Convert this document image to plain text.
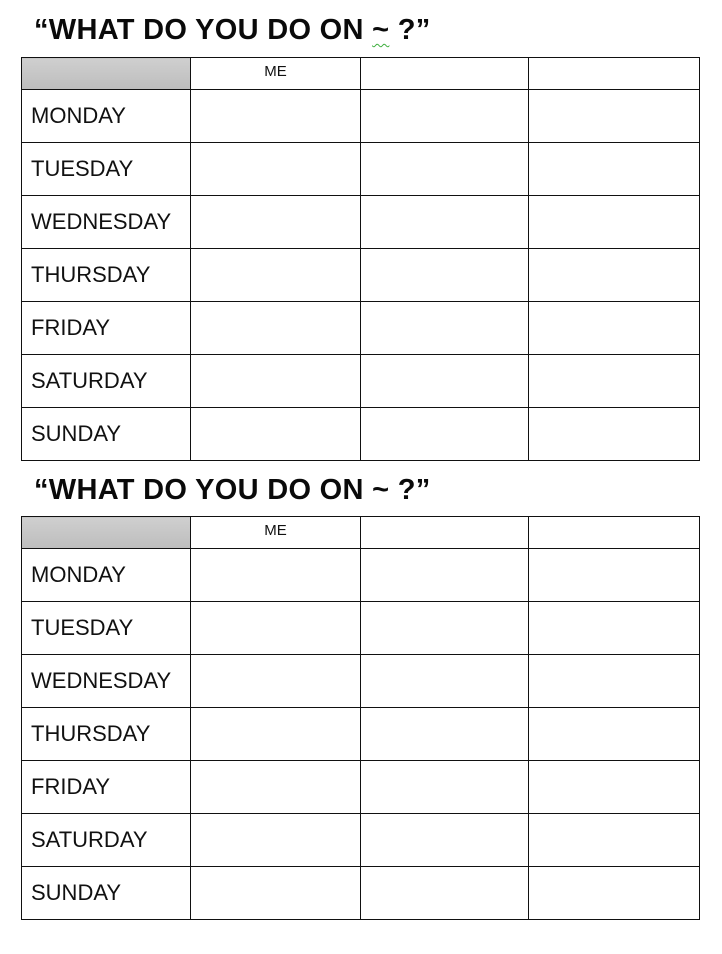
“WHAT DO YOU DO ON ~ ?”
	ME		
MONDAY			
TUESDAY			
WEDNESDAY			
THURSDAY			
FRIDAY			
SATURDAY			
SUNDAY			
“WHAT DO YOU DO ON ~ ?”
	ME		
MONDAY			
TUESDAY			
WEDNESDAY			
THURSDAY			
FRIDAY			
SATURDAY			
SUNDAY			
